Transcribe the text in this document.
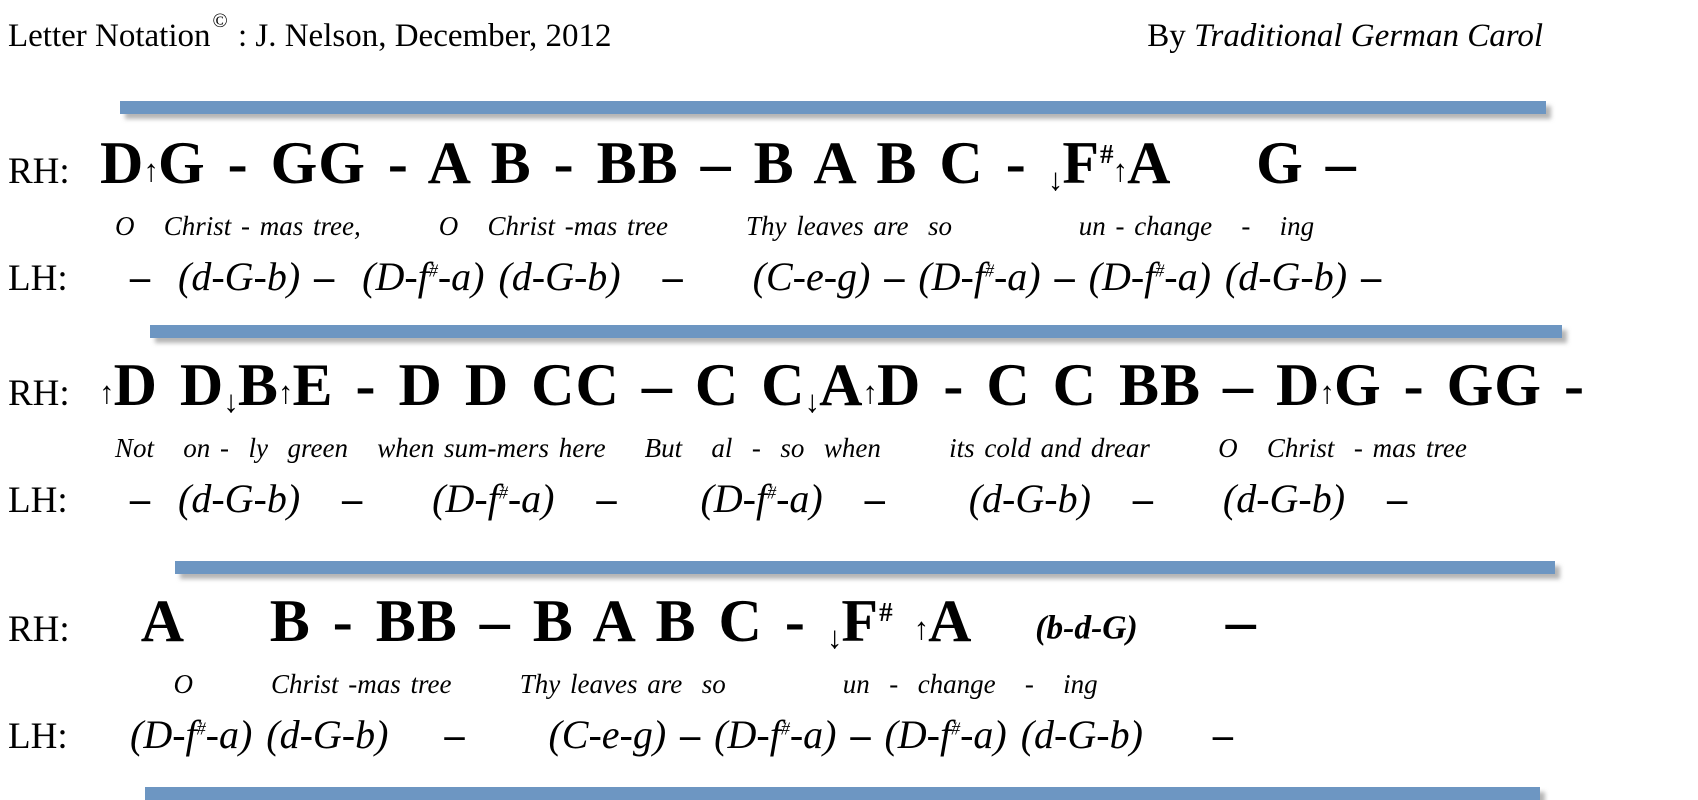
Letter Notation © : J. Nelson, December, 2012	By Traditional German Carol
RH: D↑G - GG - A B - BB – B A B C - ↓F#↑A    G –
O   Christ - mas tree,        O   Christ -mas tree        Thy leaves are  so             un - change   -   ing
LH:	–  (d-G-b) –  (D-f#-a) (d-G-b)   –     (C-e-g) – (D-f#-a) – (D-f#-a) (d-G-b) –
RH: ↑D D↓B↑E - D D CC – C C↓A↑D - C C BB – D↑G - GG -
Not   on -  ly  green   when sum-mers here    But   al  -  so  when       its cold and drear       O   Christ  - mas tree
LH:	–  (d-G-b)   –     (D-f#-a)   –      (D-f#-a)   –      (d-G-b)   –     (d-G-b)   –
RH: A    B - BB – B A B C - ↓F# ↑A   (b-d-G) –
O        Christ -mas tree       Thy leaves are  so            un  -  change   -   ing
LH:	(D-f#-a) (d-G-b)    –      (C-e-g) – (D-f#-a) – (D-f#-a) (d-G-b)     –
